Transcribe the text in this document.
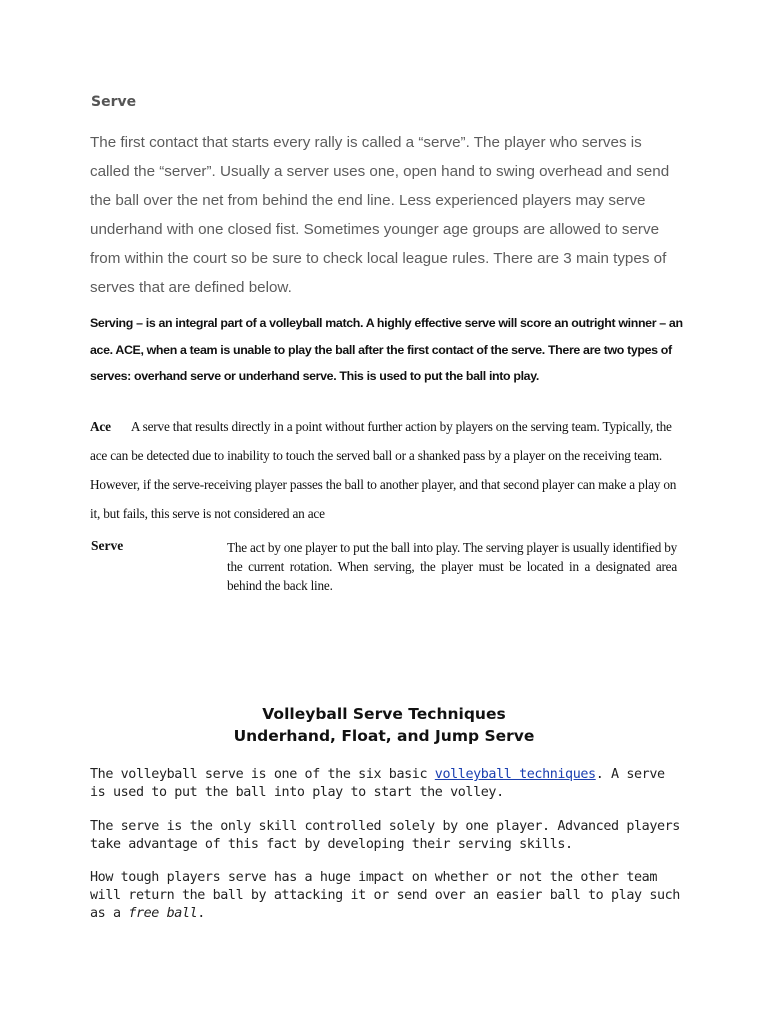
Serve
The first contact that starts every rally is called a “serve”. The player who serves is called the “server”. Usually a server uses one, open hand to swing overhead and send the ball over the net from behind the end line. Less experienced players may serve underhand with one closed fist. Sometimes younger age groups are allowed to serve from within the court so be sure to check local league rules. There are 3 main types of serves that are defined below.
Serving – is an integral part of a volleyball match. A highly effective serve will score an outright winner – an ace. ACE, when a team is unable to play the ball after the first contact of the serve. There are two types of serves: overhand serve or underhand serve. This is used to put the ball into play.
Ace A serve that results directly in a point without further action by players on the serving team. Typically, the ace can be detected due to inability to touch the served ball or a shanked pass by a player on the receiving team. However, if the serve-receiving player passes the ball to another player, and that second player can make a play on it, but fails, this serve is not considered an ace
Serve	The act by one player to put the ball into play. The serving player is usually identified by the current rotation. When serving, the player must be located in a designated area behind the back line.
Volleyball Serve Techniques
Underhand, Float, and Jump Serve
The volleyball serve is one of the six basic volleyball techniques. A serve is used to put the ball into play to start the volley.
The serve is the only skill controlled solely by one player. Advanced players take advantage of this fact by developing their serving skills.
How tough players serve has a huge impact on whether or not the other team will return the ball by attacking it or send over an easier ball to play such as a free ball.
